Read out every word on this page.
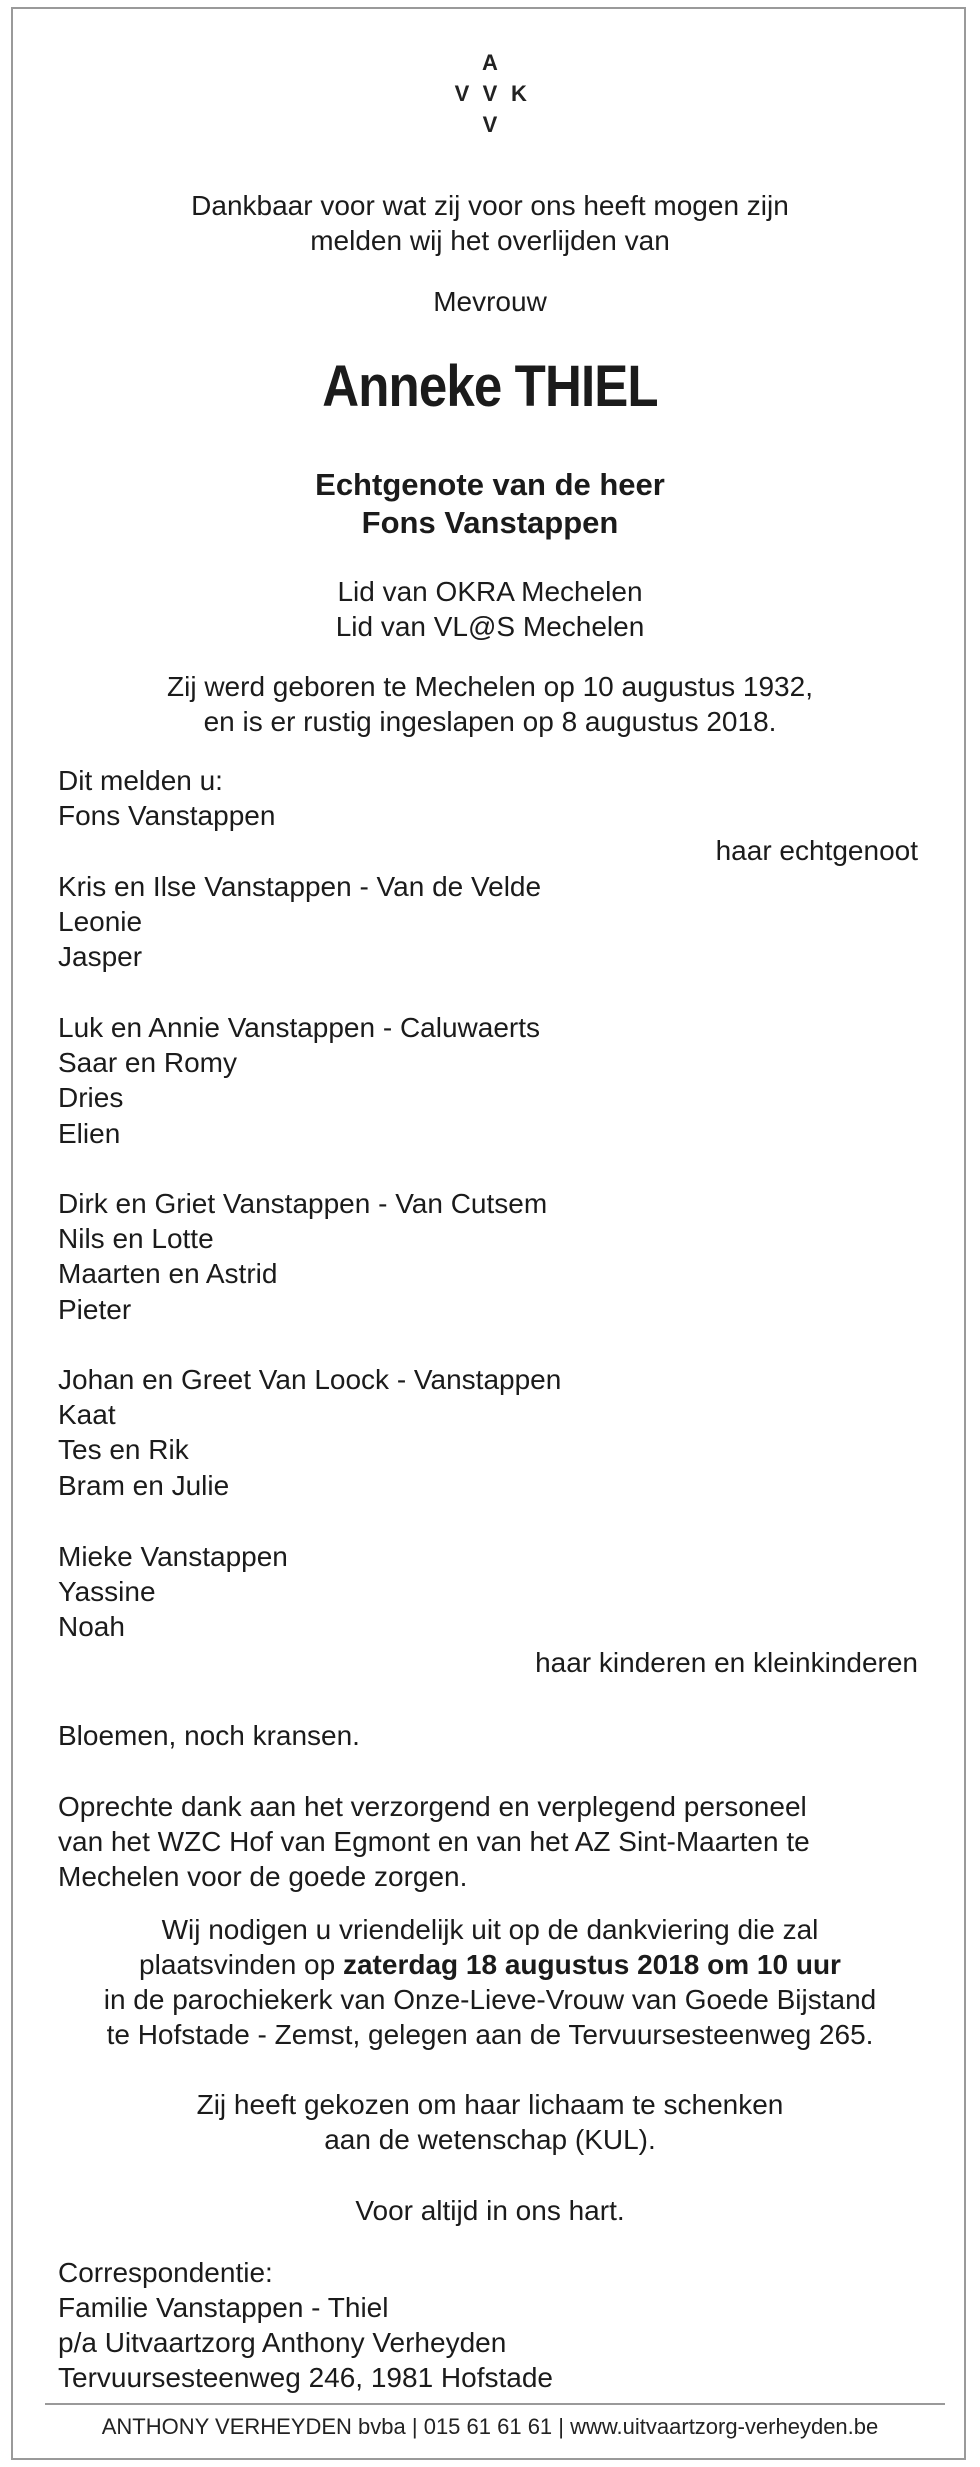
A
V V K
V
Dankbaar voor wat zij voor ons heeft mogen zijn
melden wij het overlijden van
Mevrouw
Anneke THIEL
Echtgenote van de heer
Fons Vanstappen
Lid van OKRA Mechelen
Lid van VL@S Mechelen
Zij werd geboren te Mechelen op 10 augustus 1932,
en is er rustig ingeslapen op 8 augustus 2018.
Dit melden u:
Fons Vanstappen
haar echtgenoot
Kris en Ilse Vanstappen - Van de Velde
Leonie
Jasper
Luk en Annie Vanstappen - Caluwaerts
Saar en Romy
Dries
Elien
Dirk en Griet Vanstappen - Van Cutsem
Nils en Lotte
Maarten en Astrid
Pieter
Johan en Greet Van Loock - Vanstappen
Kaat
Tes en Rik
Bram en Julie
Mieke Vanstappen
Yassine
Noah
haar kinderen en kleinkinderen
Bloemen, noch kransen.
Oprechte dank aan het verzorgend en verplegend personeel
van het WZC Hof van Egmont en van het AZ Sint-Maarten te
Mechelen voor de goede zorgen.
Wij nodigen u vriendelijk uit op de dankviering die zal
plaatsvinden op zaterdag 18 augustus 2018 om 10 uur
in de parochiekerk van Onze-Lieve-Vrouw van Goede Bijstand
te Hofstade - Zemst, gelegen aan de Tervuursesteenweg 265.
Zij heeft gekozen om haar lichaam te schenken
aan de wetenschap (KUL).
Voor altijd in ons hart.
Correspondentie:
Familie Vanstappen - Thiel
p/a Uitvaartzorg Anthony Verheyden
Tervuursesteenweg 246, 1981 Hofstade
ANTHONY VERHEYDEN bvba | 015 61 61 61 | www.uitvaartzorg-verheyden.be
